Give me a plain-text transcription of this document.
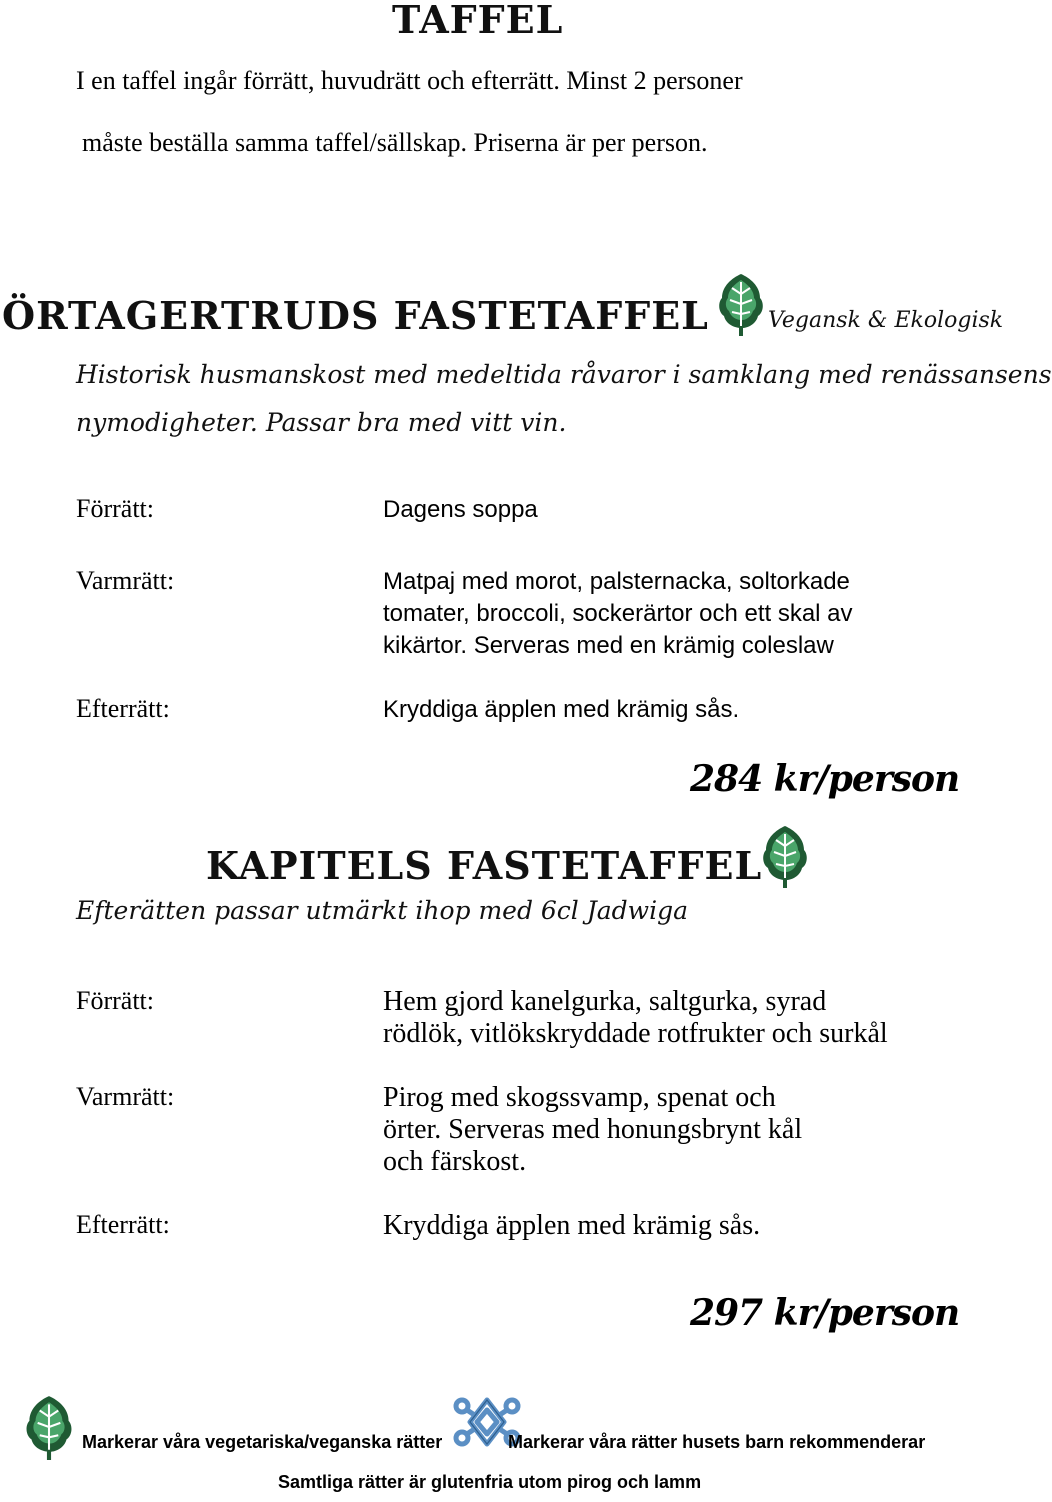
TAFFEL
I en taffel ingår förrätt, huvudrätt och efterrätt. Minst 2 personer
måste beställa samma taffel/sällskap. Priserna är per person.
ÖRTAGERTRUDS FASTETAFFEL	Vegansk & Ekologisk
Historisk husmanskost med medeltida råvaror i samklang med renässansens
nymodigheter. Passar bra med vitt vin.
Förrätt:	Dagens soppa
Varmrätt:	Matpaj med morot, palsternacka, soltorkade
tomater, broccoli, sockerärtor och ett skal av
kikärtor. Serveras med en krämig coleslaw
Efterrätt:	Kryddiga äpplen med krämig sås.
284 kr/person
KAPITELS FASTETAFFEL
Efterätten passar utmärkt ihop med 6cl Jadwiga
Förrätt:	Hem gjord kanelgurka, saltgurka, syrad
rödlök, vitlökskryddade rotfrukter och surkål
Varmrätt:	Pirog med skogssvamp, spenat och
örter. Serveras med honungsbrynt kål
och färskost.
Efterrätt:	Kryddiga äpplen med krämig sås.
297 kr/person
Markerar våra vegetariska/veganska rätter	Markerar våra rätter husets barn rekommenderar
Samtliga rätter är glutenfria utom pirog och lamm
